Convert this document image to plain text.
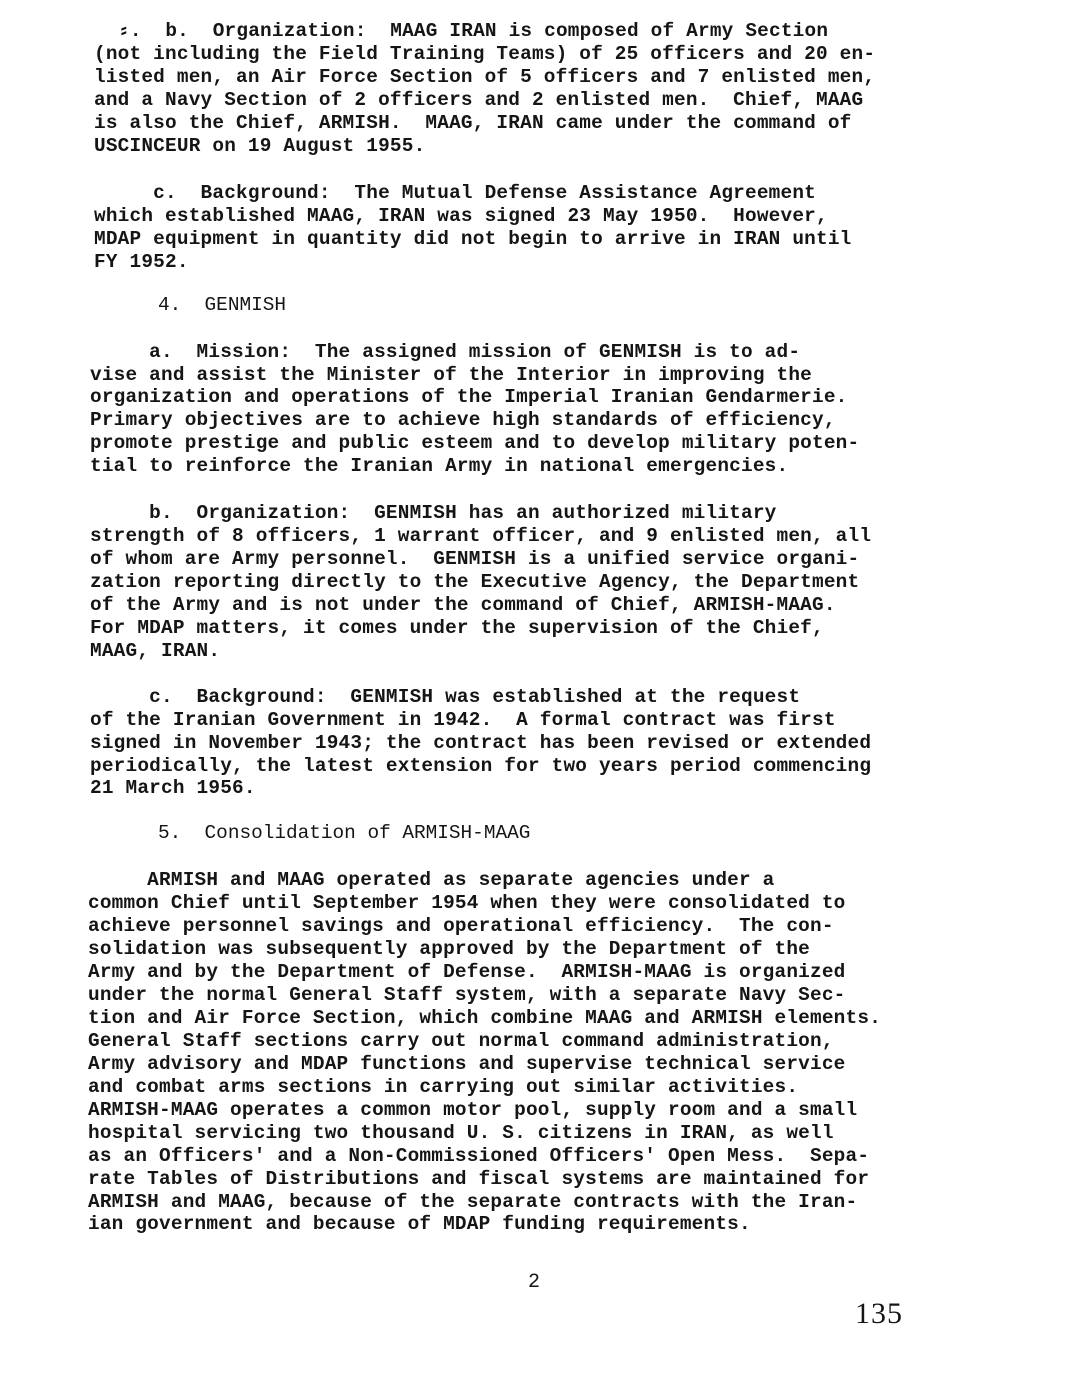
⸗.  b.  Organization:  MAAG IRAN is composed of Army Section
(not including the Field Training Teams) of 25 officers and 20 en-
listed men, an Air Force Section of 5 officers and 7 enlisted men,
and a Navy Section of 2 officers and 2 enlisted men.  Chief, MAAG
is also the Chief, ARMISH.  MAAG, IRAN came under the command of
USCINCEUR on 19 August 1955.
c.  Background:  The Mutual Defense Assistance Agreement
which established MAAG, IRAN was signed 23 May 1950.  However,
MDAP equipment in quantity did not begin to arrive in IRAN until
FY 1952.
4.  GENMISH
a.  Mission:  The assigned mission of GENMISH is to ad-
vise and assist the Minister of the Interior in improving the
organization and operations of the Imperial Iranian Gendarmerie.
Primary objectives are to achieve high standards of efficiency,
promote prestige and public esteem and to develop military poten-
tial to reinforce the Iranian Army in national emergencies.
b.  Organization:  GENMISH has an authorized military
strength of 8 officers, 1 warrant officer, and 9 enlisted men, all
of whom are Army personnel.  GENMISH is a unified service organi-
zation reporting directly to the Executive Agency, the Department
of the Army and is not under the command of Chief, ARMISH-MAAG.
For MDAP matters, it comes under the supervision of the Chief,
MAAG, IRAN.
c.  Background:  GENMISH was established at the request
of the Iranian Government in 1942.  A formal contract was first
signed in November 1943; the contract has been revised or extended
periodically, the latest extension for two years period commencing
21 March 1956.
5.  Consolidation of ARMISH-MAAG
ARMISH and MAAG operated as separate agencies under a
common Chief until September 1954 when they were consolidated to
achieve personnel savings and operational efficiency.  The con-
solidation was subsequently approved by the Department of the
Army and by the Department of Defense.  ARMISH-MAAG is organized
under the normal General Staff system, with a separate Navy Sec-
tion and Air Force Section, which combine MAAG and ARMISH elements.
General Staff sections carry out normal command administration,
Army advisory and MDAP functions and supervise technical service
and combat arms sections in carrying out similar activities.
ARMISH-MAAG operates a common motor pool, supply room and a small
hospital servicing two thousand U. S. citizens in IRAN, as well
as an Officers' and a Non-Commissioned Officers' Open Mess.  Sepa-
rate Tables of Distributions and fiscal systems are maintained for
ARMISH and MAAG, because of the separate contracts with the Iran-
ian government and because of MDAP funding requirements.
2
135
